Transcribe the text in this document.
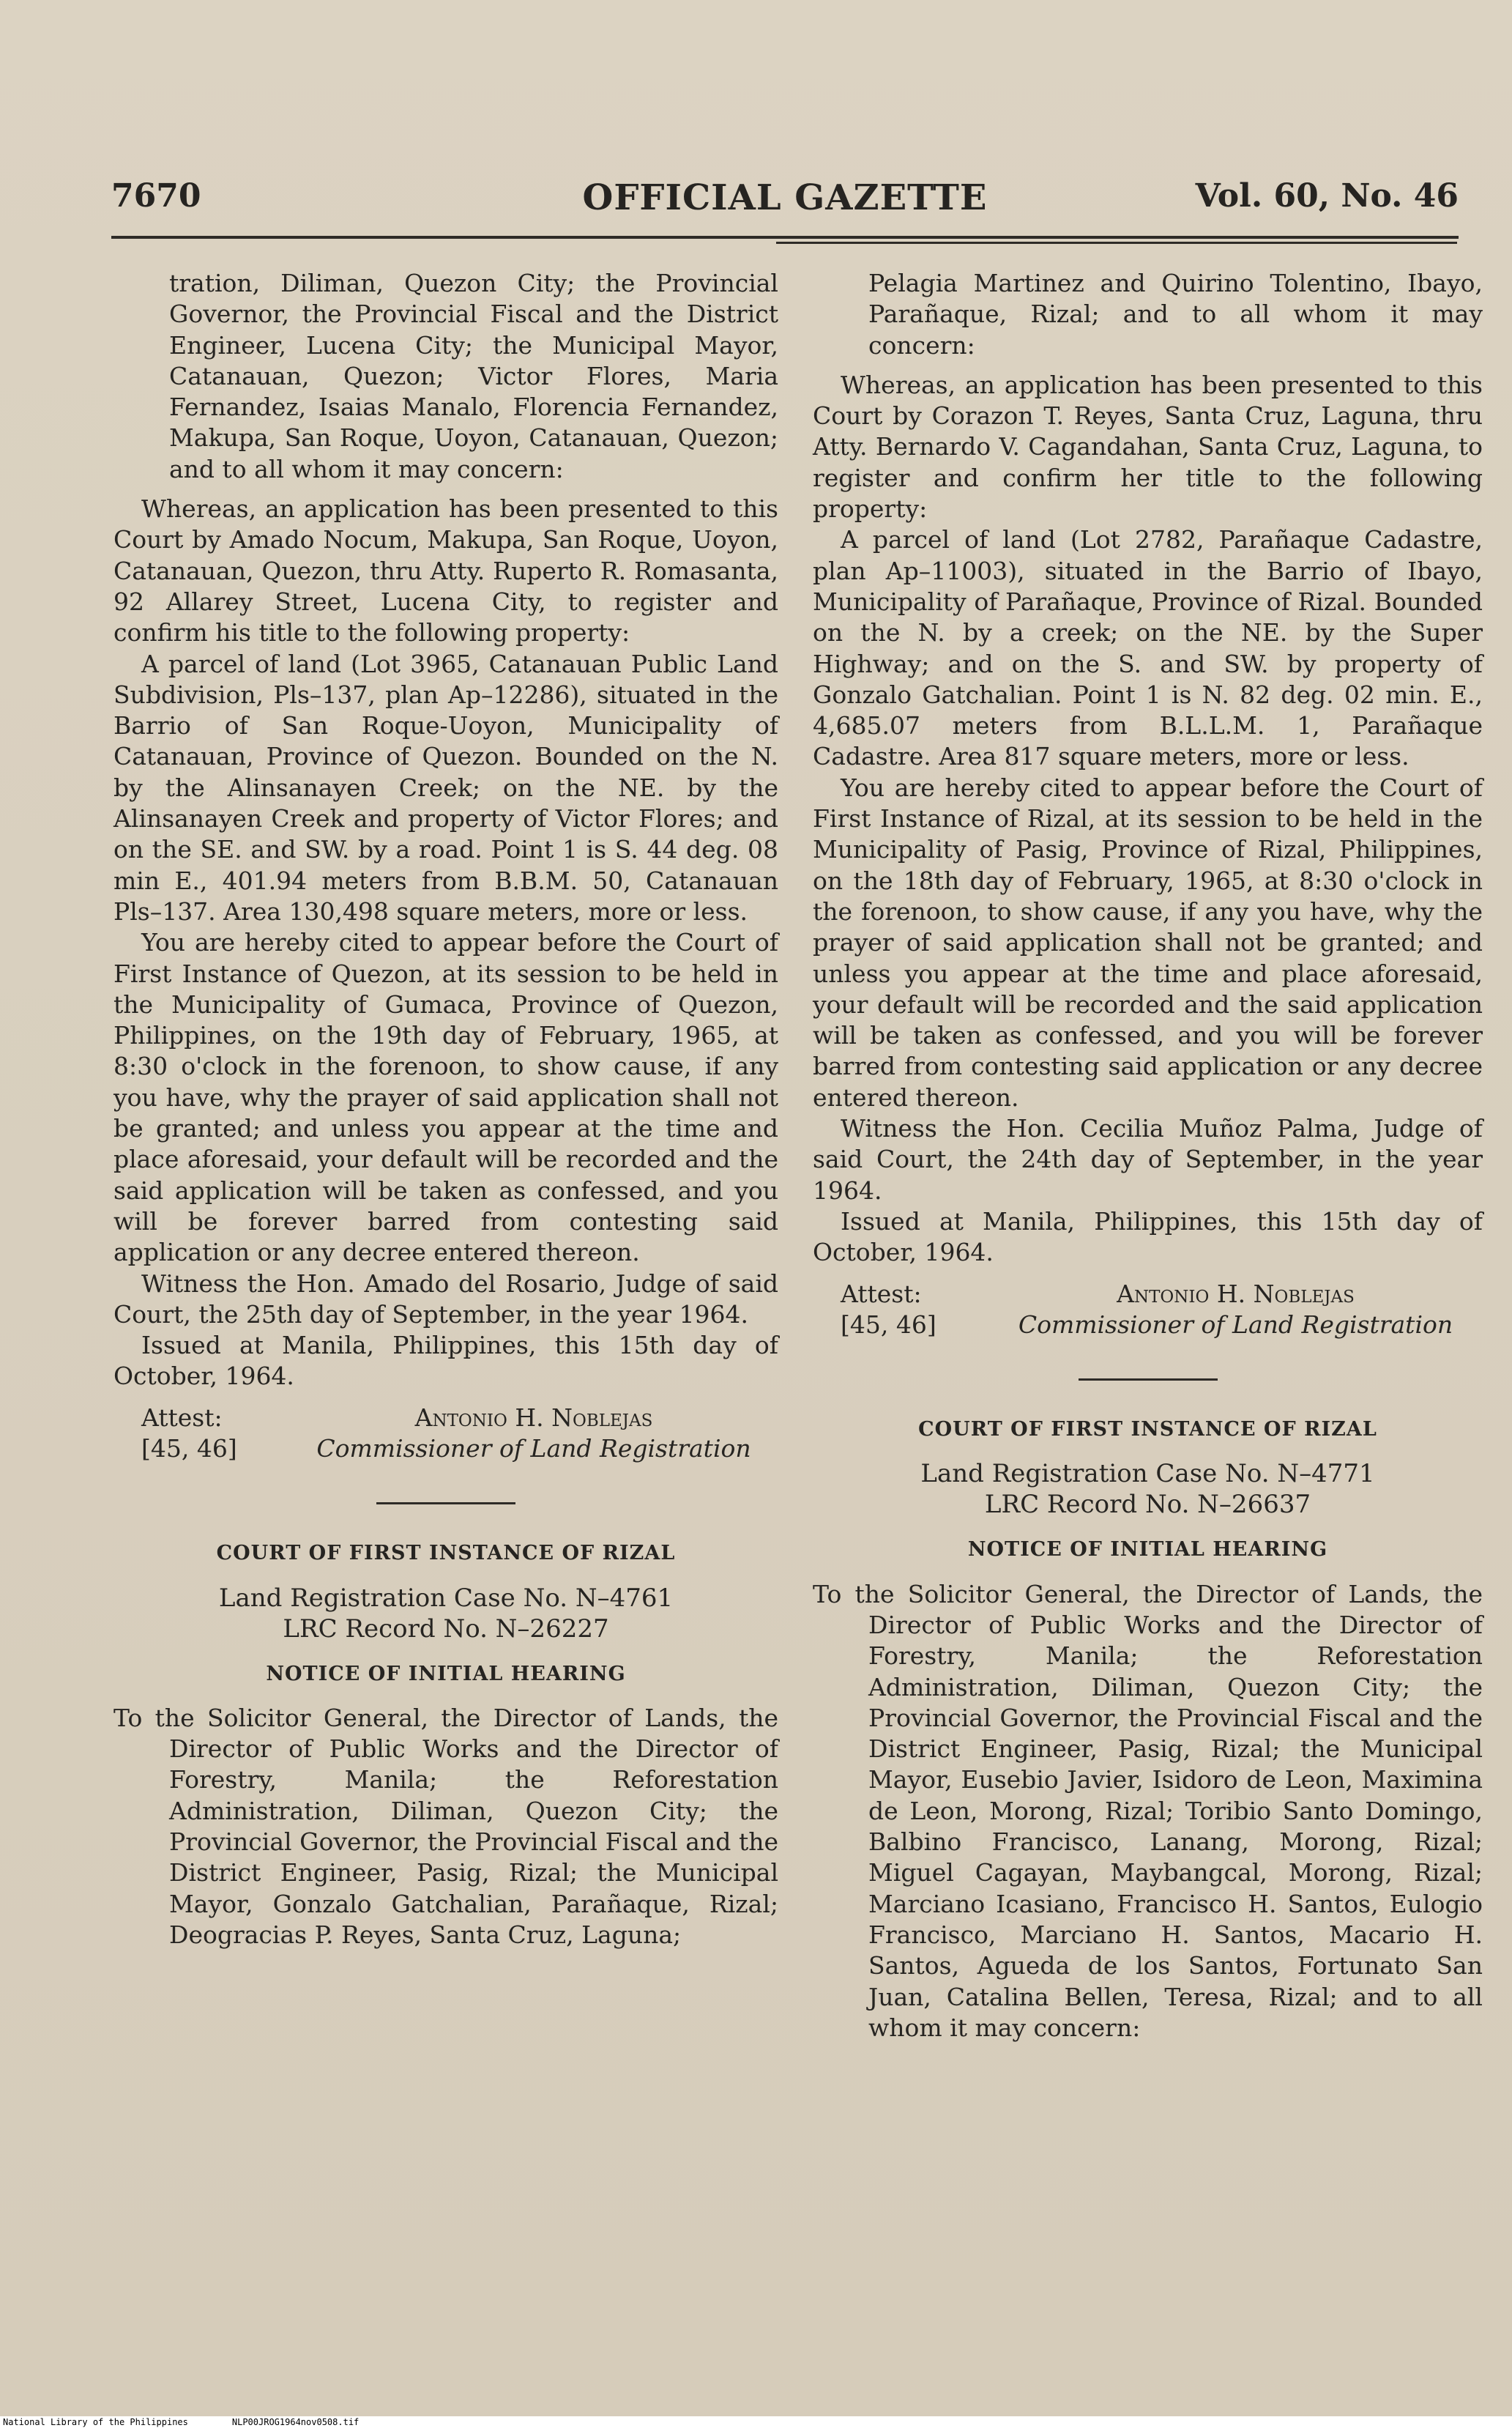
7670	OFFICIAL GAZETTE	Vol. 60, No. 46

tration, Diliman, Quezon City; the Provincial Governor, the Provincial Fiscal and the District Engineer, Lucena City; the Municipal Mayor, Catanauan, Quezon; Victor Flores, Maria Fernandez, Isaias Manalo, Florencia Fernandez, Makupa, San Roque, Uoyon, Catanauan, Quezon; and to all whom it may concern:

Whereas, an application has been presented to this Court by Amado Nocum, Makupa, San Roque, Uoyon, Catanauan, Quezon, thru Atty. Ruperto R. Romasanta, 92 Allarey Street, Lucena City, to register and confirm his title to the following property:

A parcel of land (Lot 3965, Catanauan Public Land Subdivision, Pls–137, plan Ap–12286), situated in the Barrio of San Roque-Uoyon, Municipality of Catanauan, Province of Quezon. Bounded on the N. by the Alinsanayen Creek; on the NE. by the Alinsanayen Creek and property of Victor Flores; and on the SE. and SW. by a road. Point 1 is S. 44 deg. 08 min E., 401.94 meters from B.B.M. 50, Catanauan Pls–137. Area 130,498 square meters, more or less.

You are hereby cited to appear before the Court of First Instance of Quezon, at its session to be held in the Municipality of Gumaca, Province of Quezon, Philippines, on the 19th day of February, 1965, at 8:30 o'clock in the forenoon, to show cause, if any you have, why the prayer of said application shall not be granted; and unless you appear at the time and place aforesaid, your default will be recorded and the said application will be taken as confessed, and you will be forever barred from contesting said application or any decree entered thereon.

Witness the Hon. Amado del Rosario, Judge of said Court, the 25th day of September, in the year 1964.

Issued at Manila, Philippines, this 15th day of October, 1964.

Attest:	Antonio H. Noblejas
[45, 46]	Commissioner of Land Registration
COURT OF FIRST INSTANCE OF RIZAL
Land Registration Case No. N–4761
LRC Record No. N–26227
NOTICE OF INITIAL HEARING

To the Solicitor General, the Director of Lands, the Director of Public Works and the Director of Forestry, Manila; the Reforestation Administration, Diliman, Quezon City; the Provincial Governor, the Provincial Fiscal and the District Engineer, Pasig, Rizal; the Municipal Mayor, Gonzalo Gatchalian, Parañaque, Rizal; Deogracias P. Reyes, Santa Cruz, Laguna;

Pelagia Martinez and Quirino Tolentino, Ibayo, Parañaque, Rizal; and to all whom it may concern:

Whereas, an application has been presented to this Court by Corazon T. Reyes, Santa Cruz, Laguna, thru Atty. Bernardo V. Cagandahan, Santa Cruz, Laguna, to register and confirm her title to the following property:

A parcel of land (Lot 2782, Parañaque Cadastre, plan Ap–11003), situated in the Barrio of Ibayo, Municipality of Parañaque, Province of Rizal. Bounded on the N. by a creek; on the NE. by the Super Highway; and on the S. and SW. by property of Gonzalo Gatchalian. Point 1 is N. 82 deg. 02 min. E., 4,685.07 meters from B.L.L.M. 1, Parañaque Cadastre. Area 817 square meters, more or less.

You are hereby cited to appear before the Court of First Instance of Rizal, at its session to be held in the Municipality of Pasig, Province of Rizal, Philippines, on the 18th day of February, 1965, at 8:30 o'clock in the forenoon, to show cause, if any you have, why the prayer of said application shall not be granted; and unless you appear at the time and place aforesaid, your default will be recorded and the said application will be taken as confessed, and you will be forever barred from contesting said application or any decree entered thereon.

Witness the Hon. Cecilia Muñoz Palma, Judge of said Court, the 24th day of September, in the year 1964.

Issued at Manila, Philippines, this 15th day of October, 1964.

Attest:	Antonio H. Noblejas
[45, 46]	Commissioner of Land Registration
COURT OF FIRST INSTANCE OF RIZAL
Land Registration Case No. N–4771
LRC Record No. N–26637
NOTICE OF INITIAL HEARING

To the Solicitor General, the Director of Lands, the Director of Public Works and the Director of Forestry, Manila; the Reforestation Administration, Diliman, Quezon City; the Provincial Governor, the Provincial Fiscal and the District Engineer, Pasig, Rizal; the Municipal Mayor, Eusebio Javier, Isidoro de Leon, Maximina de Leon, Morong, Rizal; Toribio Santo Domingo, Balbino Francisco, Lanang, Morong, Rizal; Miguel Cagayan, Maybangcal, Morong, Rizal; Marciano Icasiano, Francisco H. Santos, Eulogio Francisco, Marciano H. Santos, Macario H. Santos, Agueda de los Santos, Fortunato San Juan, Catalina Bellen, Teresa, Rizal; and to all whom it may concern:

National Library of the Philippines	NLP00JROG1964nov0508.tif
